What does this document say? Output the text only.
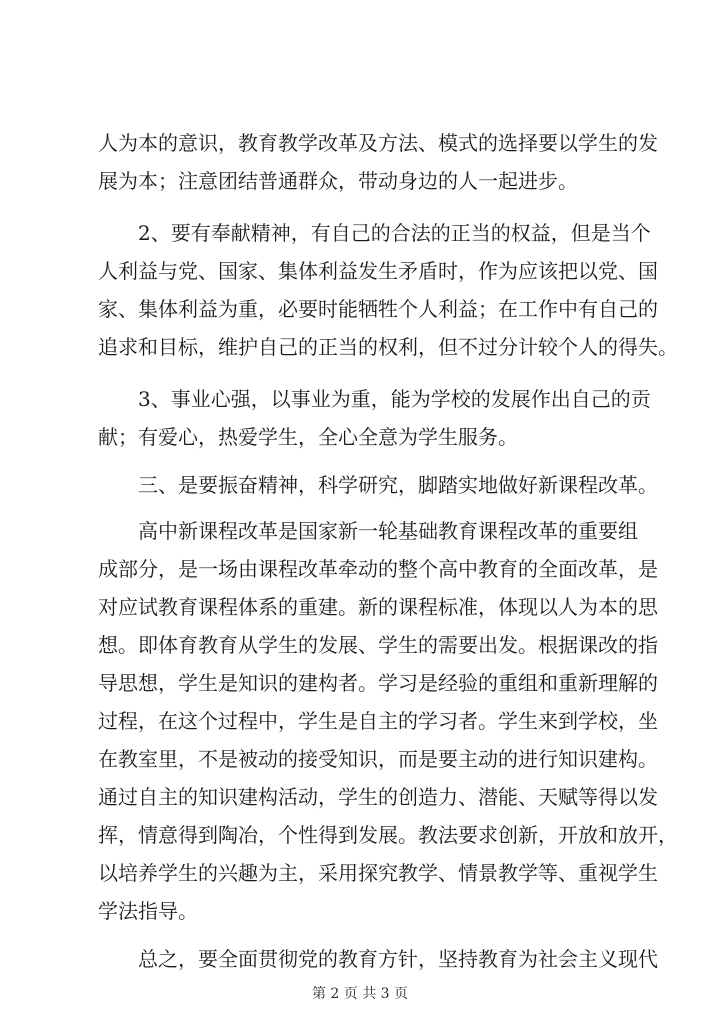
人为本的意识，教育教学改革及方法、模式的选择要以学生的发
展为本；注意团结普通群众，带动身边的人一起进步。
2、要有奉献精神，有自己的合法的正当的权益，但是当个
人利益与党、国家、集体利益发生矛盾时，作为应该把以党、国
家、集体利益为重，必要时能牺牲个人利益；在工作中有自己的
追求和目标，维护自己的正当的权利，但不过分计较个人的得失。
3、事业心强，以事业为重，能为学校的发展作出自己的贡
献；有爱心，热爱学生，全心全意为学生服务。
三、是要振奋精神，科学研究，脚踏实地做好新课程改革。
高中新课程改革是国家新一轮基础教育课程改革的重要组
成部分，是一场由课程改革牵动的整个高中教育的全面改革，是
对应试教育课程体系的重建。新的课程标准，体现以人为本的思
想。即体育教育从学生的发展、学生的需要出发。根据课改的指
导思想，学生是知识的建构者。学习是经验的重组和重新理解的
过程，在这个过程中，学生是自主的学习者。学生来到学校，坐
在教室里，不是被动的接受知识，而是要主动的进行知识建构。
通过自主的知识建构活动，学生的创造力、潜能、天赋等得以发
挥，情意得到陶冶，个性得到发展。教法要求创新，开放和放开，
以培养学生的兴趣为主，采用探究教学、情景教学等、重视学生
学法指导。
总之，要全面贯彻党的教育方针，坚持教育为社会主义现代
第 2 页 共 3 页
